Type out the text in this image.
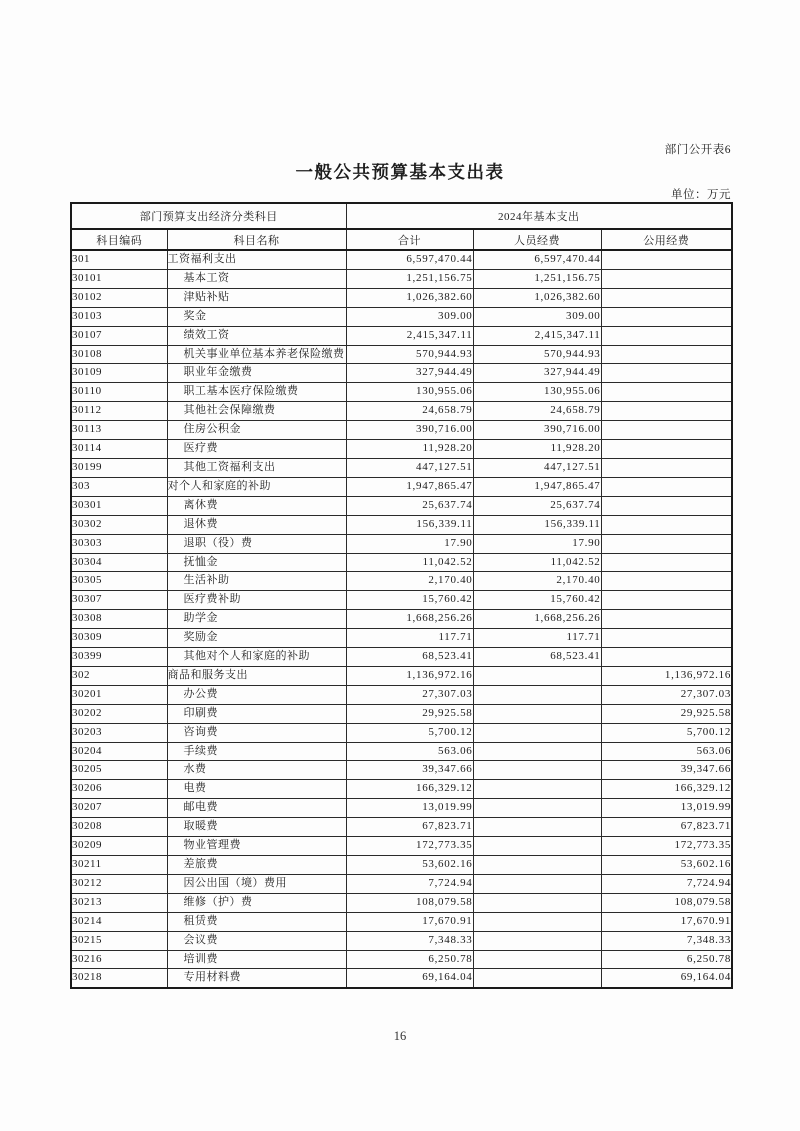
部门公开表6
一般公共预算基本支出表
单位：万元
部门预算支出经济分类科目		2024年基本支出		
科目编码	科目名称	合计	人员经费	公用经费
301	工资福利支出	6,597,470.44	6,597,470.44	
30101	基本工资	1,251,156.75	1,251,156.75	
30102	津贴补贴	1,026,382.60	1,026,382.60	
30103	奖金	309.00	309.00	
30107	绩效工资	2,415,347.11	2,415,347.11	
30108	机关事业单位基本养老保险缴费	570,944.93	570,944.93	
30109	职业年金缴费	327,944.49	327,944.49	
30110	职工基本医疗保险缴费	130,955.06	130,955.06	
30112	其他社会保障缴费	24,658.79	24,658.79	
30113	住房公积金	390,716.00	390,716.00	
30114	医疗费	11,928.20	11,928.20	
30199	其他工资福利支出	447,127.51	447,127.51	
303	对个人和家庭的补助	1,947,865.47	1,947,865.47	
30301	离休费	25,637.74	25,637.74	
30302	退休费	156,339.11	156,339.11	
30303	退职（役）费	17.90	17.90	
30304	抚恤金	11,042.52	11,042.52	
30305	生活补助	2,170.40	2,170.40	
30307	医疗费补助	15,760.42	15,760.42	
30308	助学金	1,668,256.26	1,668,256.26	
30309	奖励金	117.71	117.71	
30399	其他对个人和家庭的补助	68,523.41	68,523.41	
302	商品和服务支出	1,136,972.16		1,136,972.16
30201	办公费	27,307.03		27,307.03
30202	印刷费	29,925.58		29,925.58
30203	咨询费	5,700.12		5,700.12
30204	手续费	563.06		563.06
30205	水费	39,347.66		39,347.66
30206	电费	166,329.12		166,329.12
30207	邮电费	13,019.99		13,019.99
30208	取暖费	67,823.71		67,823.71
30209	物业管理费	172,773.35		172,773.35
30211	差旅费	53,602.16		53,602.16
30212	因公出国（境）费用	7,724.94		7,724.94
30213	维修（护）费	108,079.58		108,079.58
30214	租赁费	17,670.91		17,670.91
30215	会议费	7,348.33		7,348.33
30216	培训费	6,250.78		6,250.78
30218	专用材料费	69,164.04		69,164.04
16
